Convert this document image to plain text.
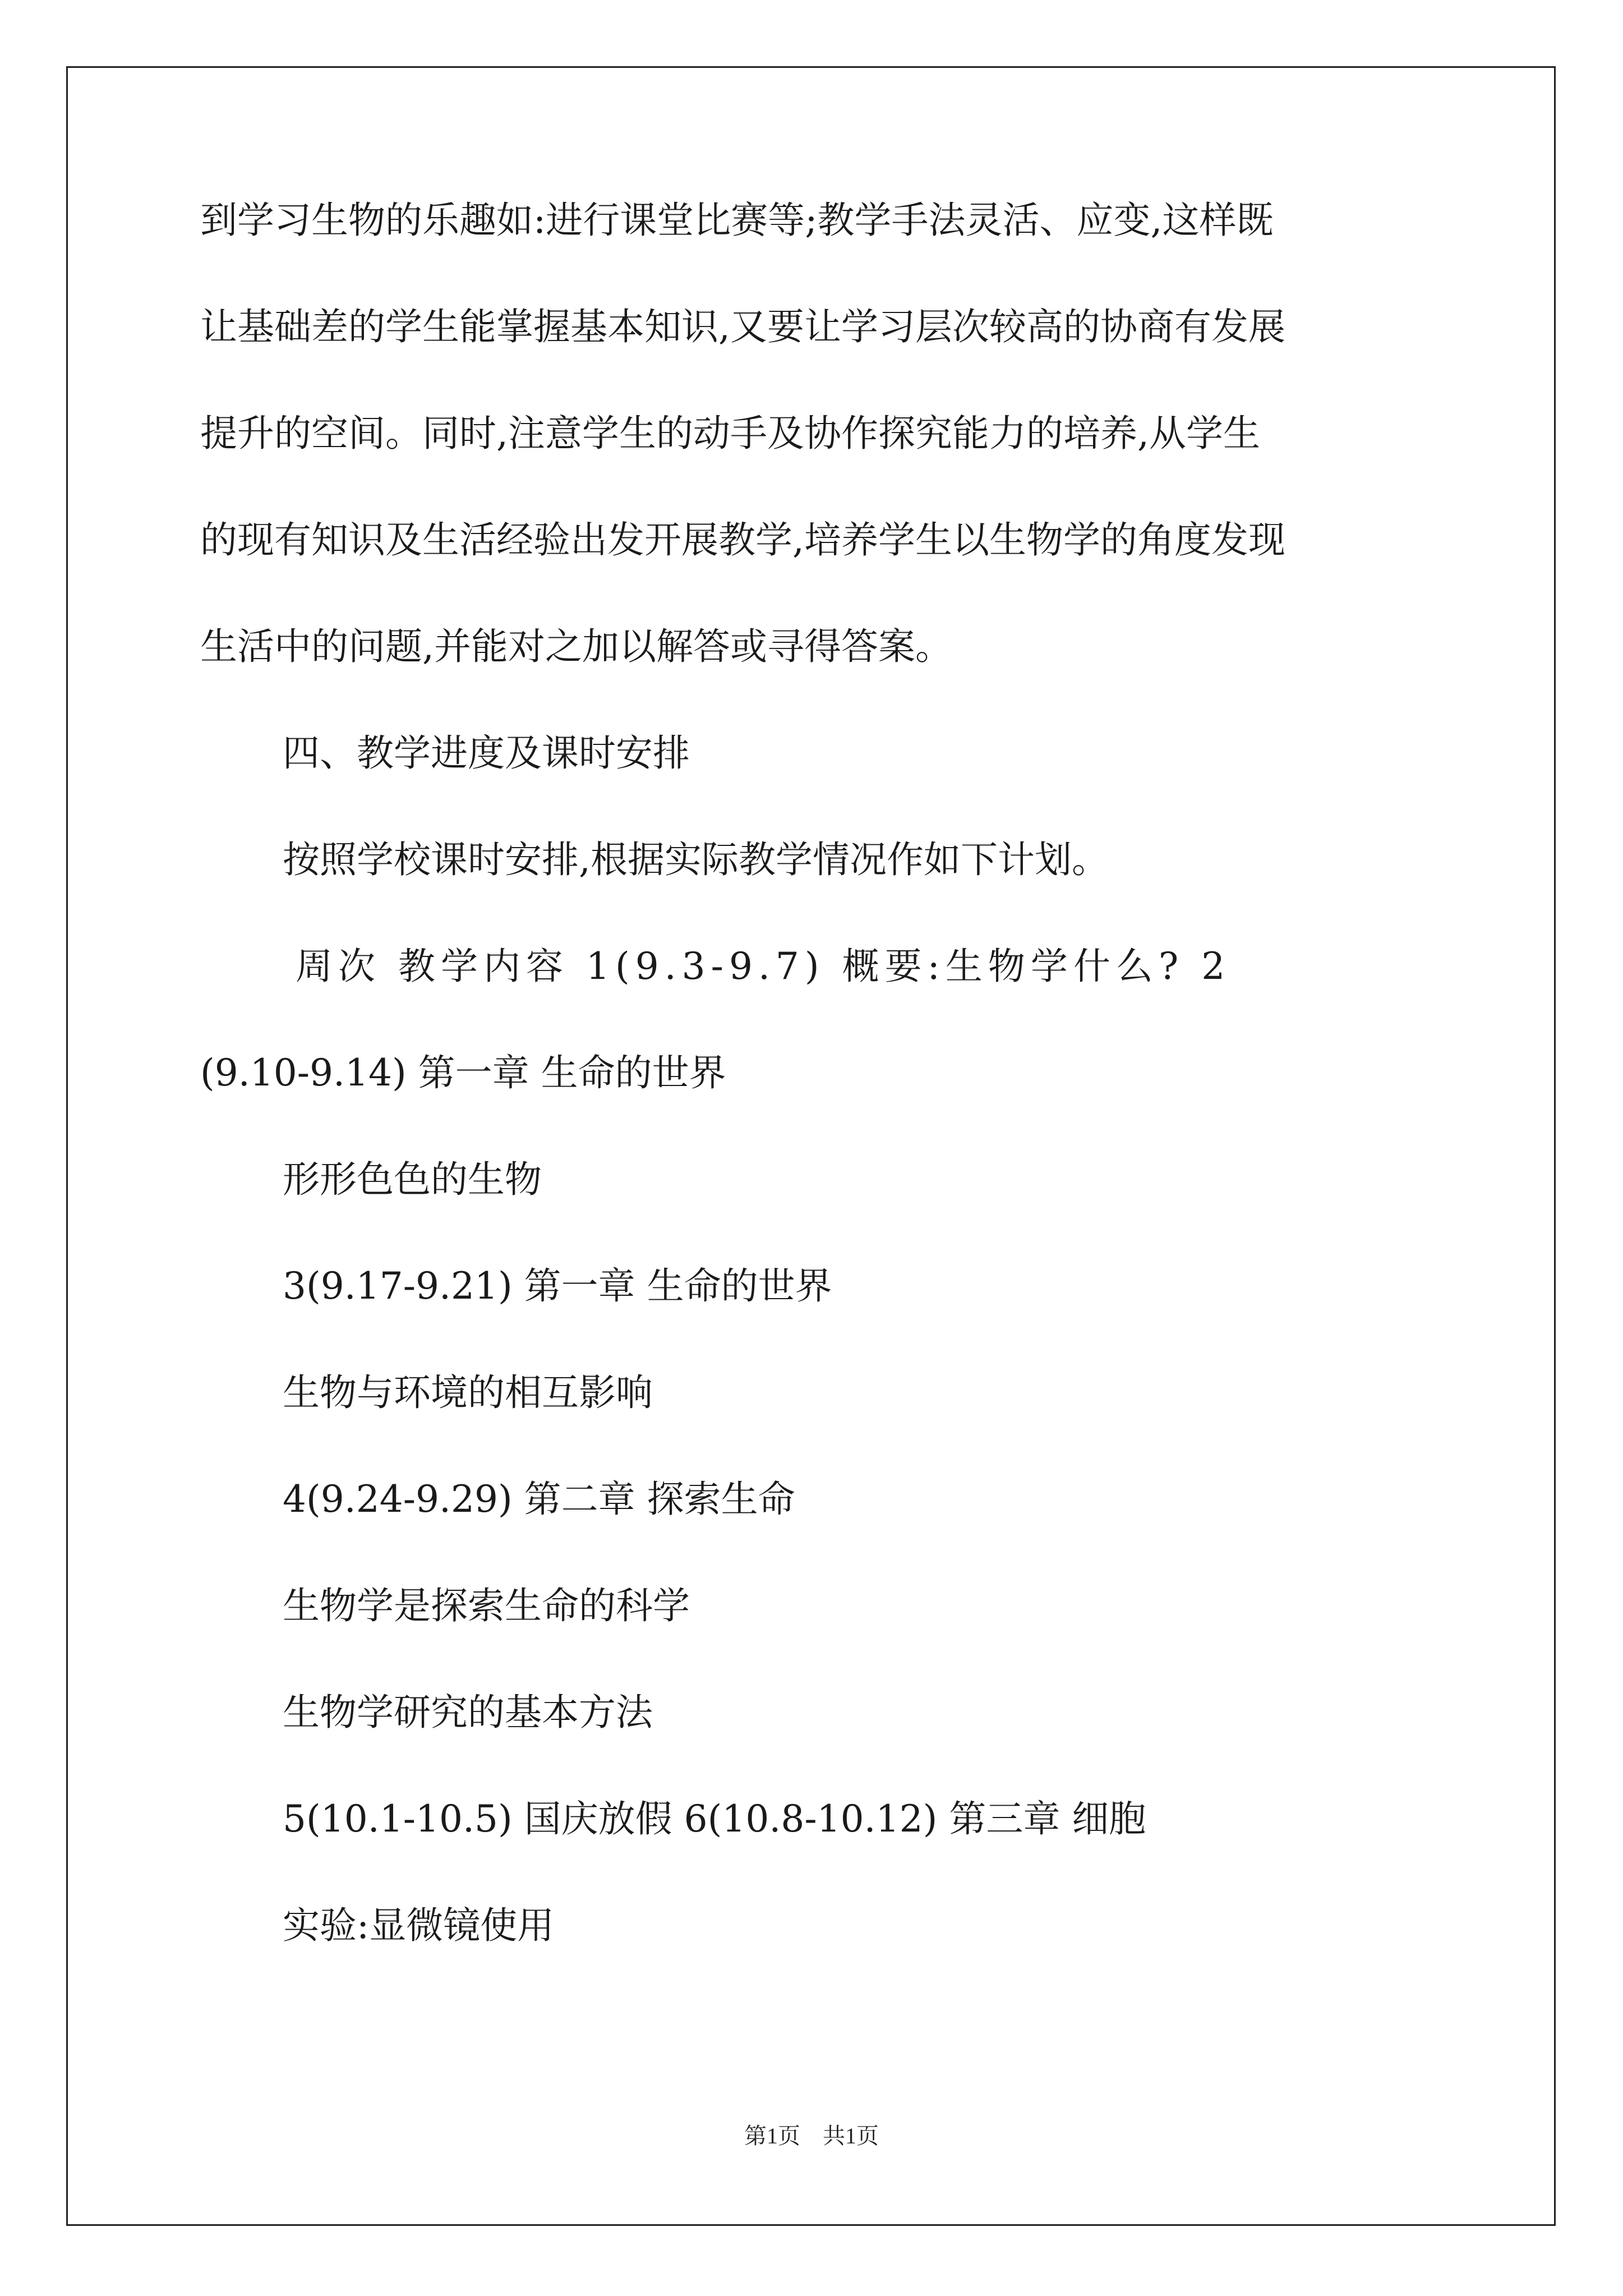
到学习生物的乐趣如:进行课堂比赛等;教学手法灵活、应变,这样既

让基础差的学生能掌握基本知识,又要让学习层次较高的协商有发展

提升的空间。同时,注意学生的动手及协作探究能力的培养,从学生

的现有知识及生活经验出发开展教学,培养学生以生物学的角度发现

生活中的问题,并能对之加以解答或寻得答案。

四、教学进度及课时安排

按照学校课时安排,根据实际教学情况作如下计划。

周次 教学内容 1(9.3-9.7) 概要:生物学什么? 2

(9.10-9.14) 第一章 生命的世界

形形色色的生物

3(9.17-9.21) 第一章 生命的世界

生物与环境的相互影响

4(9.24-9.29) 第二章 探索生命

生物学是探索生命的科学

生物学研究的基本方法

5(10.1-10.5) 国庆放假 6(10.8-10.12) 第三章 细胞

实验:显微镜使用

第1页 共1页
